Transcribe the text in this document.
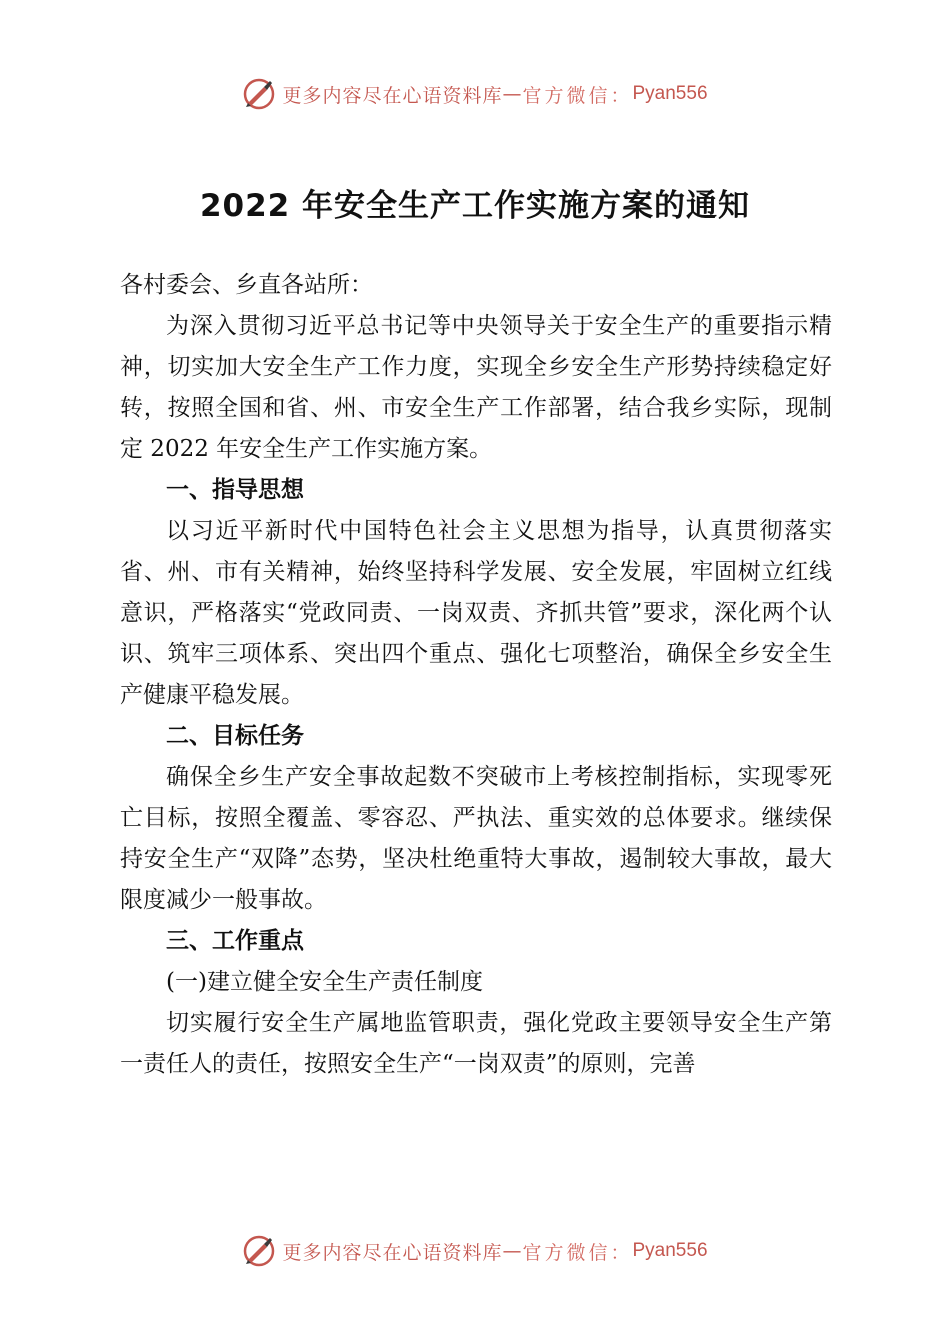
更多内容尽在心语资料库 — 官方微信： Pyan556
2022 年安全生产工作实施方案的通知

各村委会、乡直各站所：

为深入贯彻习近平总书记等中央领导关于安全生产的重要指示精神，切实加大安全生产工作力度，实现全乡安全生产形势持续稳定好转，按照全国和省、州、市安全生产工作部署，结合我乡实际，现制定 2022 年安全生产工作实施方案。

一、指导思想

以习近平新时代中国特色社会主义思想为指导，认真贯彻落实省、州、市有关精神，始终坚持科学发展、安全发展，牢固树立红线意识，严格落实“党政同责、一岗双责、齐抓共管”要求，深化两个认识、筑牢三项体系、突出四个重点、强化七项整治，确保全乡安全生产健康平稳发展。

二、目标任务

确保全乡生产安全事故起数不突破市上考核控制指标，实现零死亡目标，按照全覆盖、零容忍、严执法、重实效的总体要求。继续保持安全生产“双降”态势，坚决杜绝重特大事故，遏制较大事故，最大限度减少一般事故。

三、工作重点

(一)建立健全安全生产责任制度

切实履行安全生产属地监管职责，强化党政主要领导安全生产第一责任人的责任，按照安全生产“一岗双责”的原则，完善

更多内容尽在心语资料库 — 官方微信： Pyan556
